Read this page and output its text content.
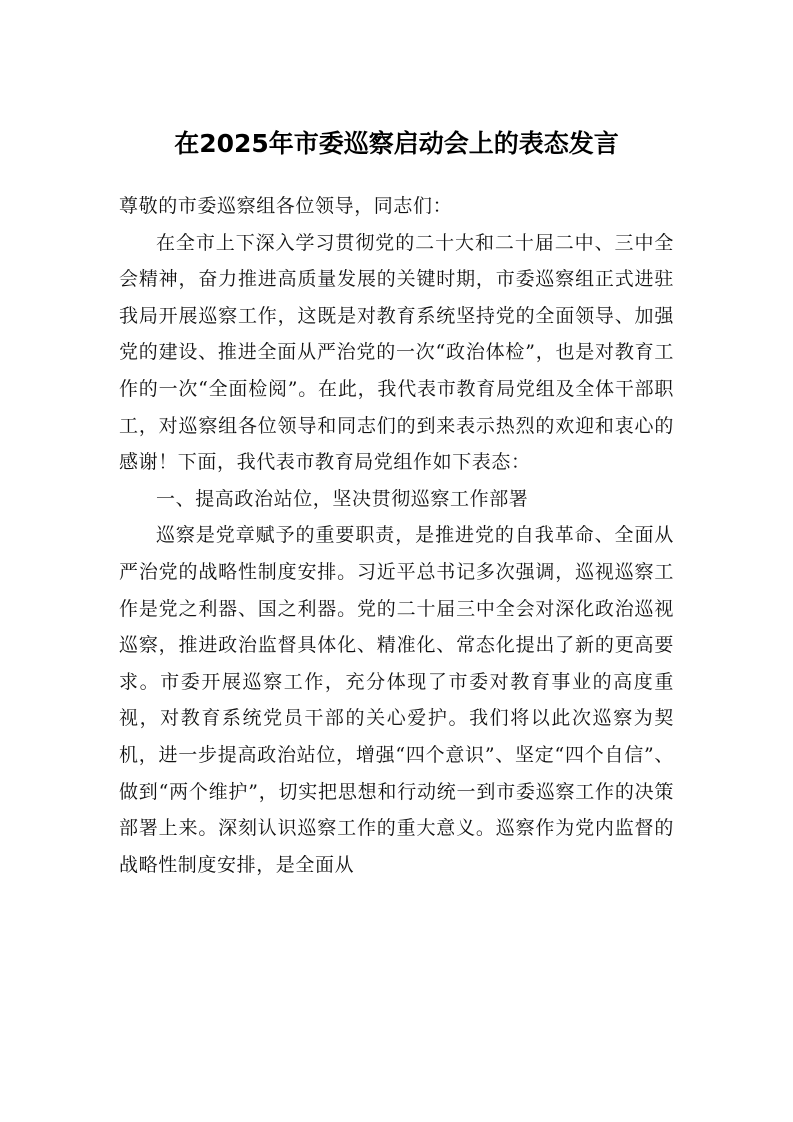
在2025年市委巡察启动会上的表态发言

尊敬的市委巡察组各位领导，同志们：

在全市上下深入学习贯彻党的二十大和二十届二中、三中全会精神，奋力推进高质量发展的关键时期，市委巡察组正式进驻我局开展巡察工作，这既是对教育系统坚持党的全面领导、加强党的建设、推进全面从严治党的一次“政治体检”，也是对教育工作的一次“全面检阅”。在此，我代表市教育局党组及全体干部职工，对巡察组各位领导和同志们的到来表示热烈的欢迎和衷心的感谢！下面，我代表市教育局党组作如下表态：

一、提高政治站位，坚决贯彻巡察工作部署

巡察是党章赋予的重要职责，是推进党的自我革命、全面从严治党的战略性制度安排。习近平总书记多次强调，巡视巡察工作是党之利器、国之利器。党的二十届三中全会对深化政治巡视巡察，推进政治监督具体化、精准化、常态化提出了新的更高要求。市委开展巡察工作，充分体现了市委对教育事业的高度重视，对教育系统党员干部的关心爱护。我们将以此次巡察为契机，进一步提高政治站位，增强“四个意识”、坚定“四个自信”、做到“两个维护”，切实把思想和行动统一到市委巡察工作的决策部署上来。深刻认识巡察工作的重大意义。巡察作为党内监督的战略性制度安排，是全面从
